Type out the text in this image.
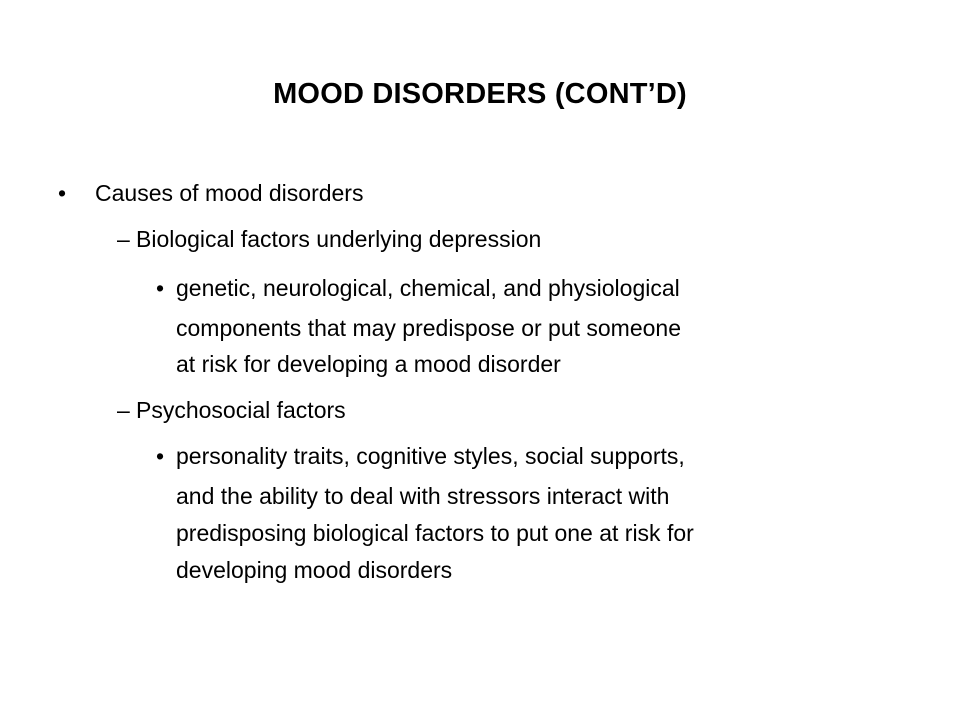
MOOD DISORDERS (CONT’D)
• Causes of mood disorders
– Biological factors underlying depression
• genetic, neurological, chemical, and physiological
components that may predispose or put someone
at risk for developing a mood disorder
– Psychosocial factors
• personality traits, cognitive styles, social supports,
and the ability to deal with stressors interact with
predisposing biological factors to put one at risk for
developing mood disorders
